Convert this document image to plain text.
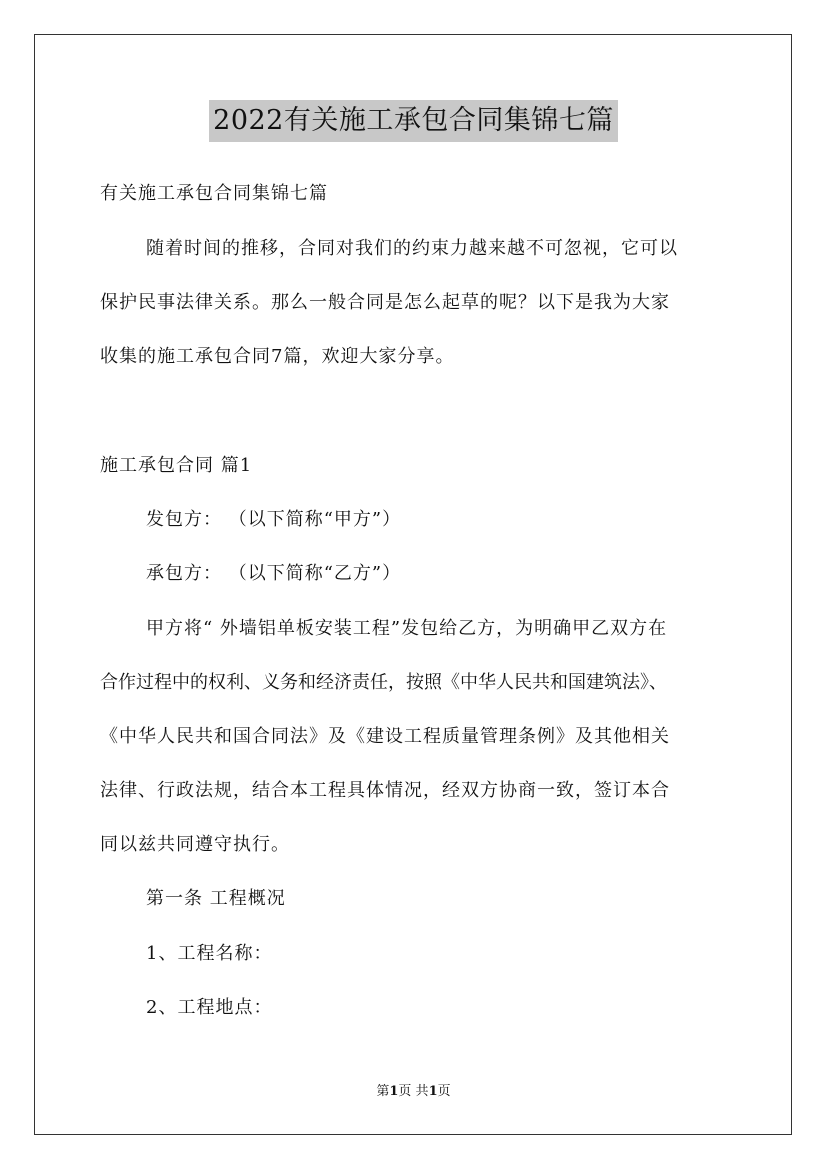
2022有关施工承包合同集锦七篇
有关施工承包合同集锦七篇
随着时间的推移，合同对我们的约束力越来越不可忽视，它可以
保护民事法律关系。那么一般合同是怎么起草的呢？以下是我为大家
收集的施工承包合同7篇，欢迎大家分享。
施工承包合同 篇1
发包方： （以下简称“甲方”）
承包方： （以下简称“乙方”）
甲方将“ 外墙铝单板安装工程”发包给乙方，为明确甲乙双方在
合作过程中的权利、义务和经济责任，按照《中华人民共和国建筑法》、
《中华人民共和国合同法》及《建设工程质量管理条例》及其他相关
法律、行政法规，结合本工程具体情况，经双方协商一致，签订本合
同以兹共同遵守执行。
第一条 工程概况
1、工程名称：
2、工程地点：
第1页 共1页
